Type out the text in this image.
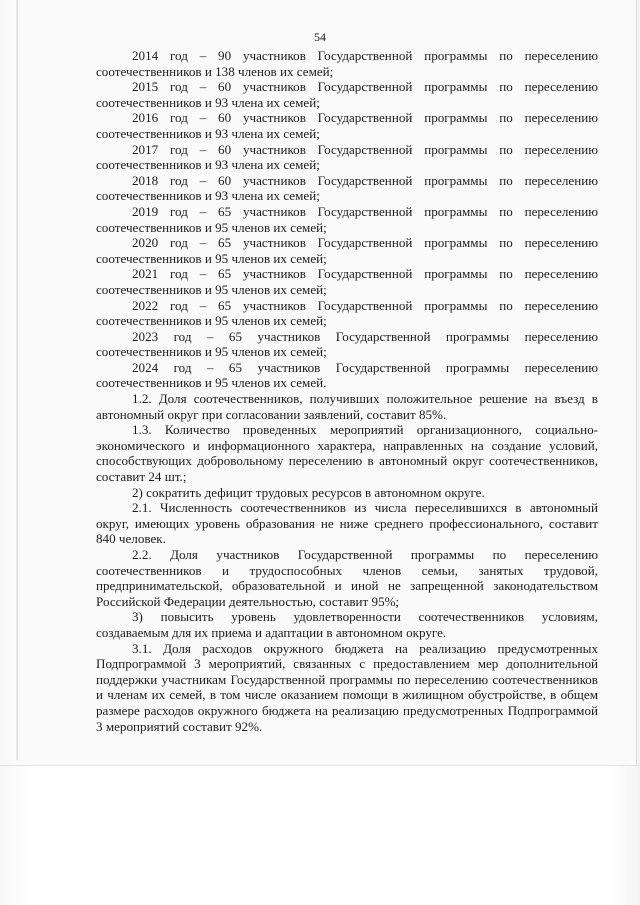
54

2014 год – 90 участников Государственной программы по переселению соотечественников и 138 членов их семей;

2015 год – 60 участников Государственной программы по переселению соотечественников и 93 члена их семей;

2016 год – 60 участников Государственной программы по переселению соотечественников и 93 члена их семей;

2017 год – 60 участников Государственной программы по переселению соотечественников и 93 члена их семей;

2018 год – 60 участников Государственной программы по переселению соотечественников и 93 члена их семей;

2019 год – 65 участников Государственной программы по переселению соотечественников и 95 членов их семей;

2020 год – 65 участников Государственной программы по переселению соотечественников и 95 членов их семей;

2021 год – 65 участников Государственной программы по переселению соотечественников и 95 членов их семей;

2022 год – 65 участников Государственной программы по переселению соотечественников и 95 членов их семей;

2023 год – 65 участников Государственной программы переселению соотечественников и 95 членов их семей;

2024 год – 65 участников Государственной программы переселению соотечественников и 95 членов их семей.

1.2. Доля соотечественников, получивших положительное решение на въезд в автономный округ при согласовании заявлений, составит 85%.

1.3. Количество проведенных мероприятий организационного, социально-экономического и информационного характера, направленных на создание условий, способствующих добровольному переселению в автономный округ соотечественников, составит 24 шт.;

2) сократить дефицит трудовых ресурсов в автономном округе.

2.1. Численность соотечественников из числа переселившихся в автономный округ, имеющих уровень образования не ниже среднего профессионального, составит 840 человек.

2.2. Доля участников Государственной программы по переселению соотечественников и трудоспособных членов семьи, занятых трудовой, предпринимательской, образовательной и иной не запрещенной законодательством Российской Федерации деятельностью, составит 95%;

3) повысить уровень удовлетворенности соотечественников условиям, создаваемым для их приема и адаптации в автономном округе.

3.1. Доля расходов окружного бюджета на реализацию предусмотренных Подпрограммой 3 мероприятий, связанных с предоставлением мер дополнительной поддержки участникам Государственной программы по переселению соотечественников и членам их семей, в том числе оказанием помощи в жилищном обустройстве, в общем размере расходов окружного бюджета на реализацию предусмотренных Подпрограммой 3 мероприятий составит 92%.
